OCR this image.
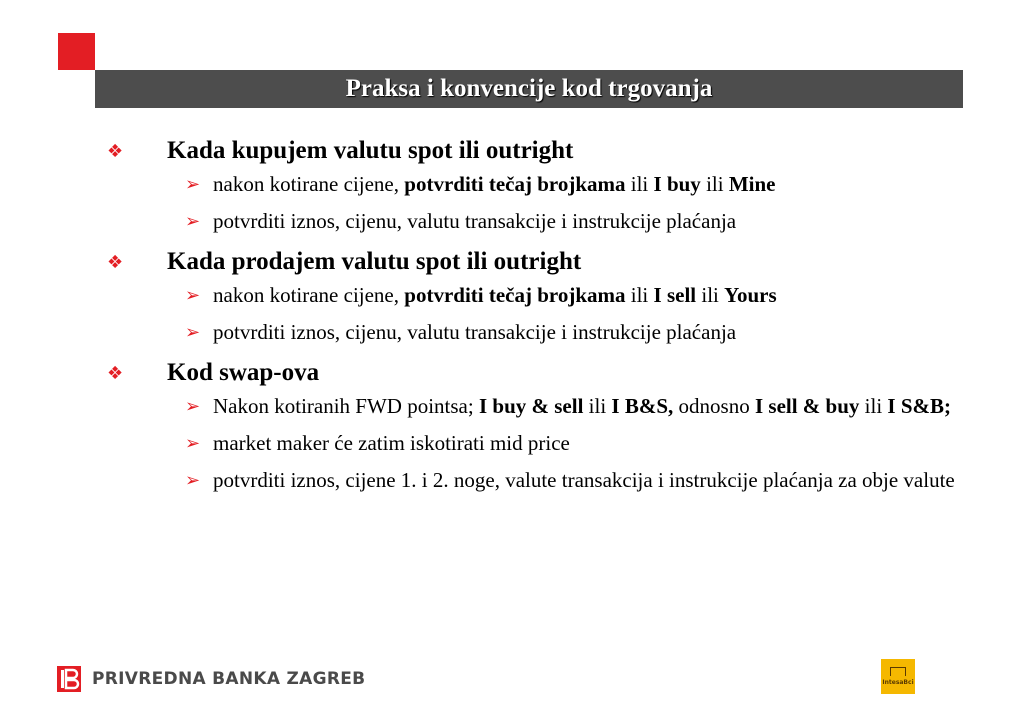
Praksa i konvencije kod trgovanja
❖	Kada kupujem valutu spot ili outright
➢ nakon kotirane cijene, potvrditi tečaj brojkama ili I buy ili Mine
➢ potvrditi iznos, cijenu, valutu transakcije i instrukcije plaćanja
❖	Kada prodajem valutu spot ili outright
➢ nakon kotirane cijene, potvrditi tečaj brojkama ili I sell ili Yours
➢ potvrditi iznos, cijenu, valutu transakcije i instrukcije plaćanja
❖	Kod swap-ova
➢ Nakon kotiranih FWD pointsa; I buy & sell ili I B&S, odnosno I sell & buy ili I S&B;
➢ market maker će zatim iskotirati mid price
➢ potvrditi iznos, cijene 1. i 2. noge, valute transakcija i instrukcije plaćanja za obje valute
PRIVREDNA BANKA ZAGREB	IntesaBci
